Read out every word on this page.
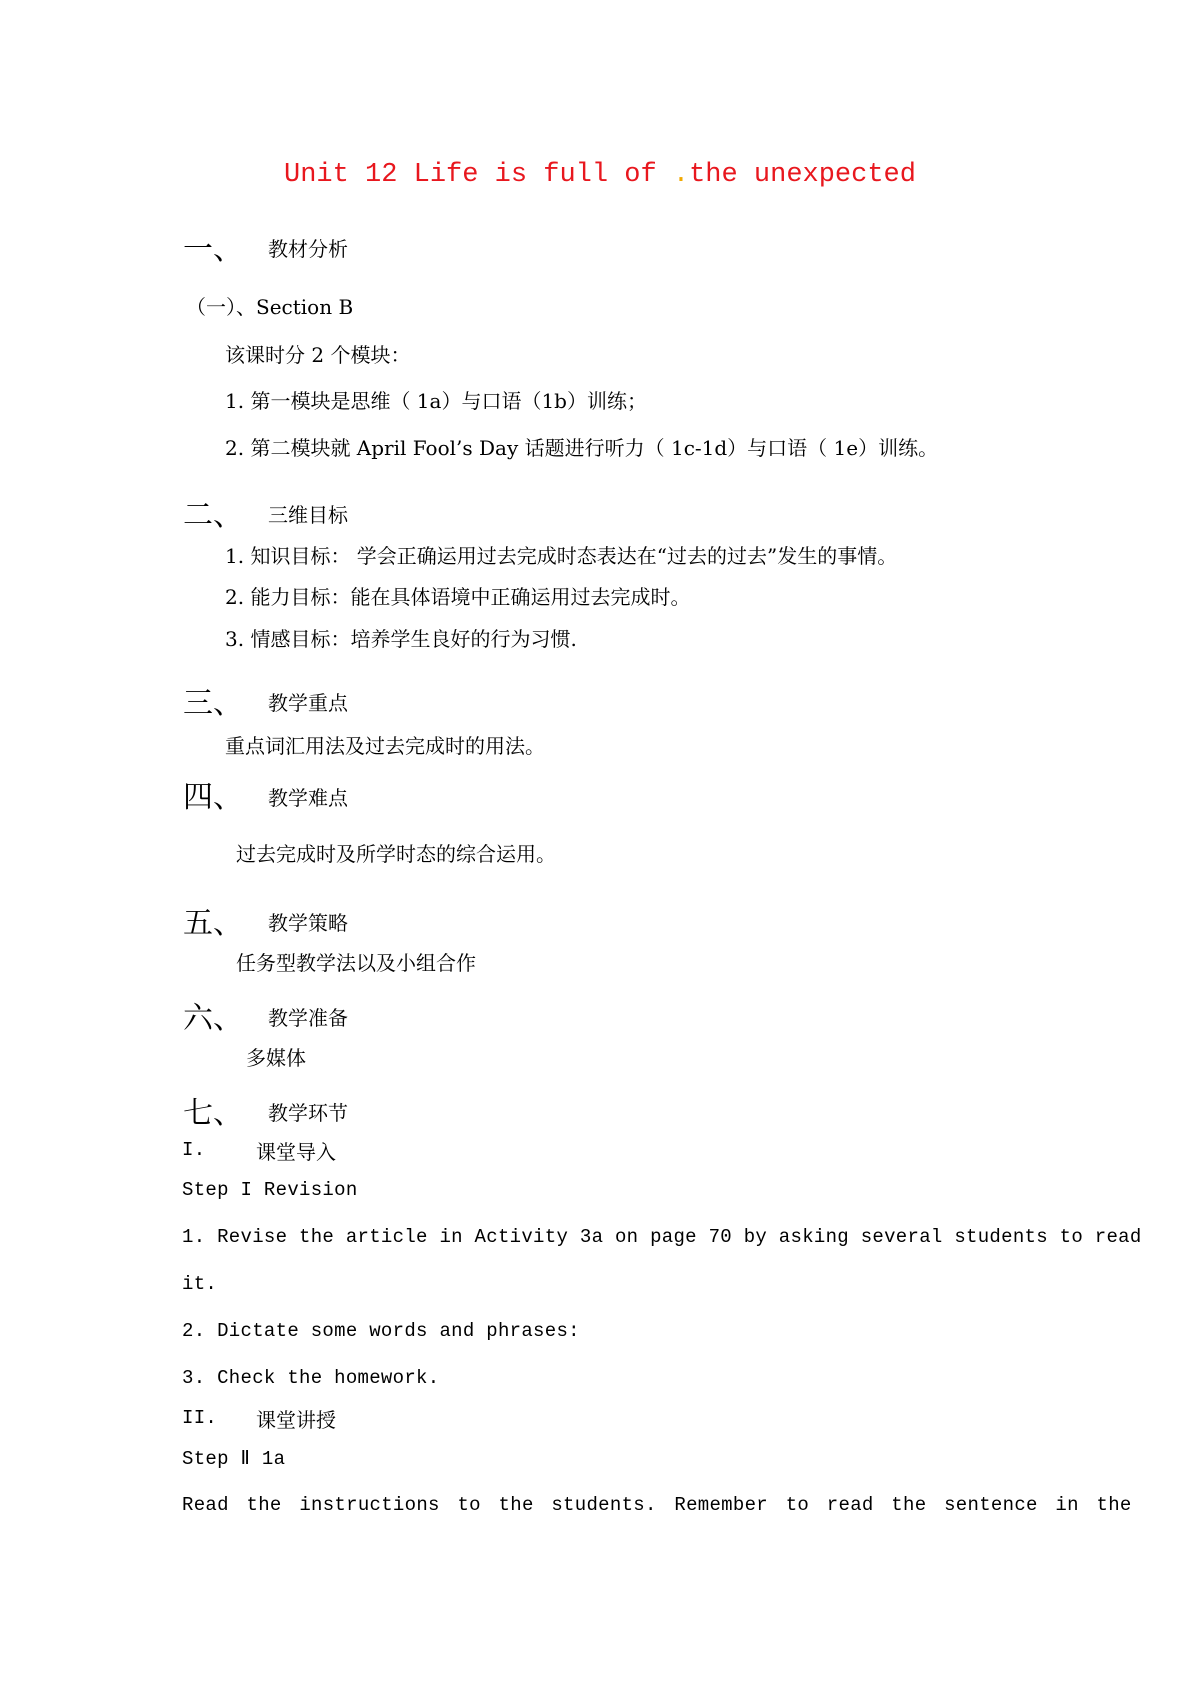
Unit 12 Life is full of .the unexpected
一、 教材分析
（一）、Section B
该课时分 2 个模块：
1. 第一模块是思维（ 1a）与口语（1b）训练；
2. 第二模块就 April Fool’s Day 话题进行听力（ 1c-1d）与口语（ 1e）训练。
二、 三维目标
1. 知识目标： 学会正确运用过去完成时态表达在“过去的过去”发生的事情。
2. 能力目标：能在具体语境中正确运用过去完成时。
3. 情感目标：培养学生良好的行为习惯.
三、 教学重点
重点词汇用法及过去完成时的用法。
四、 教学难点
过去完成时及所学时态的综合运用。
五、 教学策略
任务型教学法以及小组合作
六、 教学准备
多媒体
七、 教学环节
I.	课堂导入
Step I Revision
1. Revise the article in Activity 3a on page 70 by asking several students to read
it.
2. Dictate some words and phrases:
3. Check the homework.
II. 课堂讲授
Step Ⅱ 1a
Read the instructions to the students. Remember to read the sentence in the
